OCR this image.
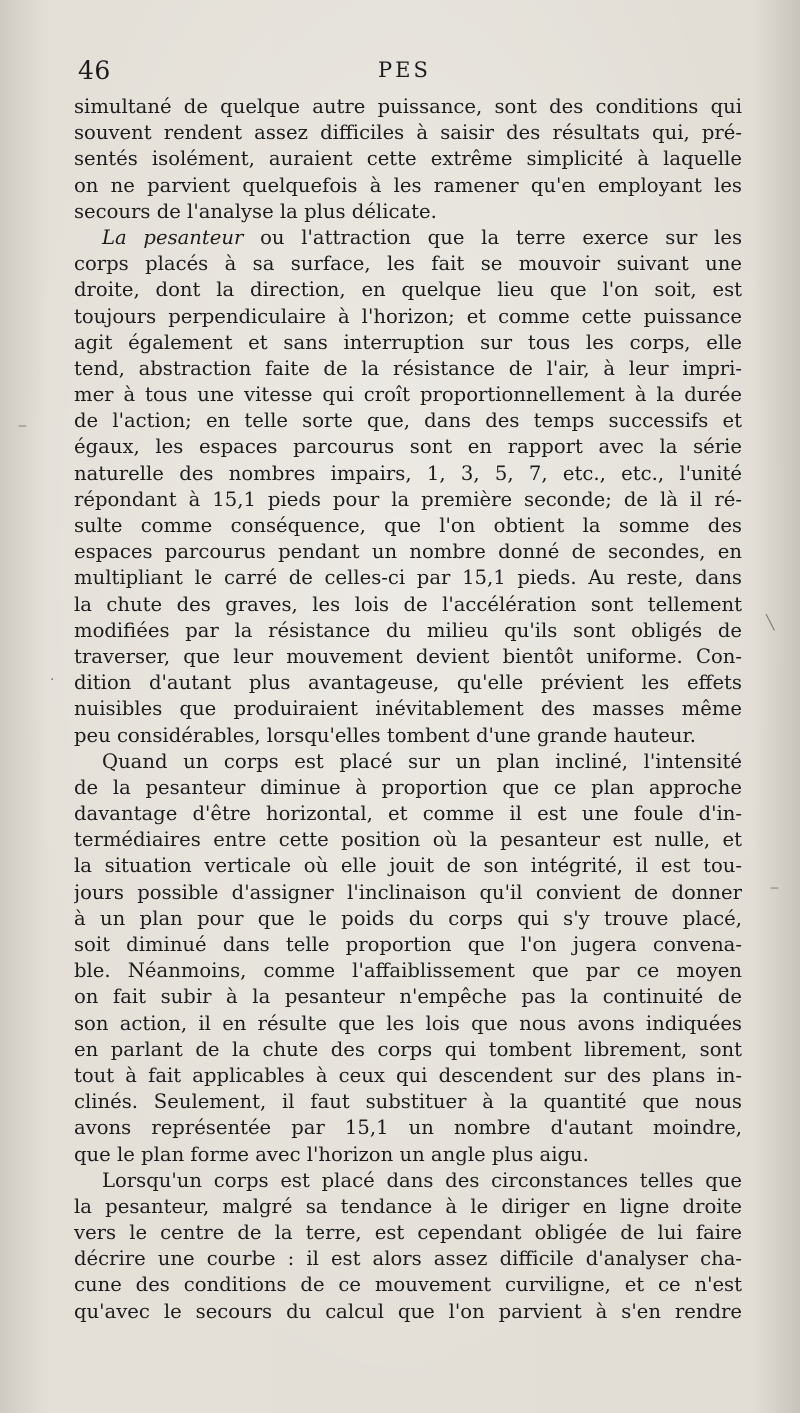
46	PES
simultané de quelque autre puissance, sont des conditions qui
souvent rendent assez difficiles à saisir des résultats qui, pré-
sentés isolément, auraient cette extrême simplicité à laquelle
on ne parvient quelquefois à les ramener qu'en employant les
secours de l'analyse la plus délicate.
La pesanteur ou l'attraction que la terre exerce sur les
corps placés à sa surface, les fait se mouvoir suivant une
droite, dont la direction, en quelque lieu que l'on soit, est
toujours perpendiculaire à l'horizon; et comme cette puissance
agit également et sans interruption sur tous les corps, elle
tend, abstraction faite de la résistance de l'air, à leur impri-
mer à tous une vitesse qui croît proportionnellement à la durée
de l'action; en telle sorte que, dans des temps successifs et
égaux, les espaces parcourus sont en rapport avec la série
naturelle des nombres impairs, 1, 3, 5, 7, etc., etc., l'unité
répondant à 15,1 pieds pour la première seconde; de là il ré-
sulte comme conséquence, que l'on obtient la somme des
espaces parcourus pendant un nombre donné de secondes, en
multipliant le carré de celles-ci par 15,1 pieds. Au reste, dans
la chute des graves, les lois de l'accélération sont tellement
modifiées par la résistance du milieu qu'ils sont obligés de
traverser, que leur mouvement devient bientôt uniforme. Con-
dition d'autant plus avantageuse, qu'elle prévient les effets
nuisibles que produiraient inévitablement des masses même
peu considérables, lorsqu'elles tombent d'une grande hauteur.
Quand un corps est placé sur un plan incliné, l'intensité
de la pesanteur diminue à proportion que ce plan approche
davantage d'être horizontal, et comme il est une foule d'in-
termédiaires entre cette position où la pesanteur est nulle, et
la situation verticale où elle jouit de son intégrité, il est tou-
jours possible d'assigner l'inclinaison qu'il convient de donner
à un plan pour que le poids du corps qui s'y trouve placé,
soit diminué dans telle proportion que l'on jugera convena-
ble. Néanmoins, comme l'affaiblissement que par ce moyen
on fait subir à la pesanteur n'empêche pas la continuité de
son action, il en résulte que les lois que nous avons indiquées
en parlant de la chute des corps qui tombent librement, sont
tout à fait applicables à ceux qui descendent sur des plans in-
clinés. Seulement, il faut substituer à la quantité que nous
avons représentée par 15,1 un nombre d'autant moindre,
que le plan forme avec l'horizon un angle plus aigu.
Lorsqu'un corps est placé dans des circonstances telles que
la pesanteur, malgré sa tendance à le diriger en ligne droite
vers le centre de la terre, est cependant obligée de lui faire
décrire une courbe : il est alors assez difficile d'analyser cha-
cune des conditions de ce mouvement curviligne, et ce n'est
qu'avec le secours du calcul que l'on parvient à s'en rendre
‒
·
╲
‒
